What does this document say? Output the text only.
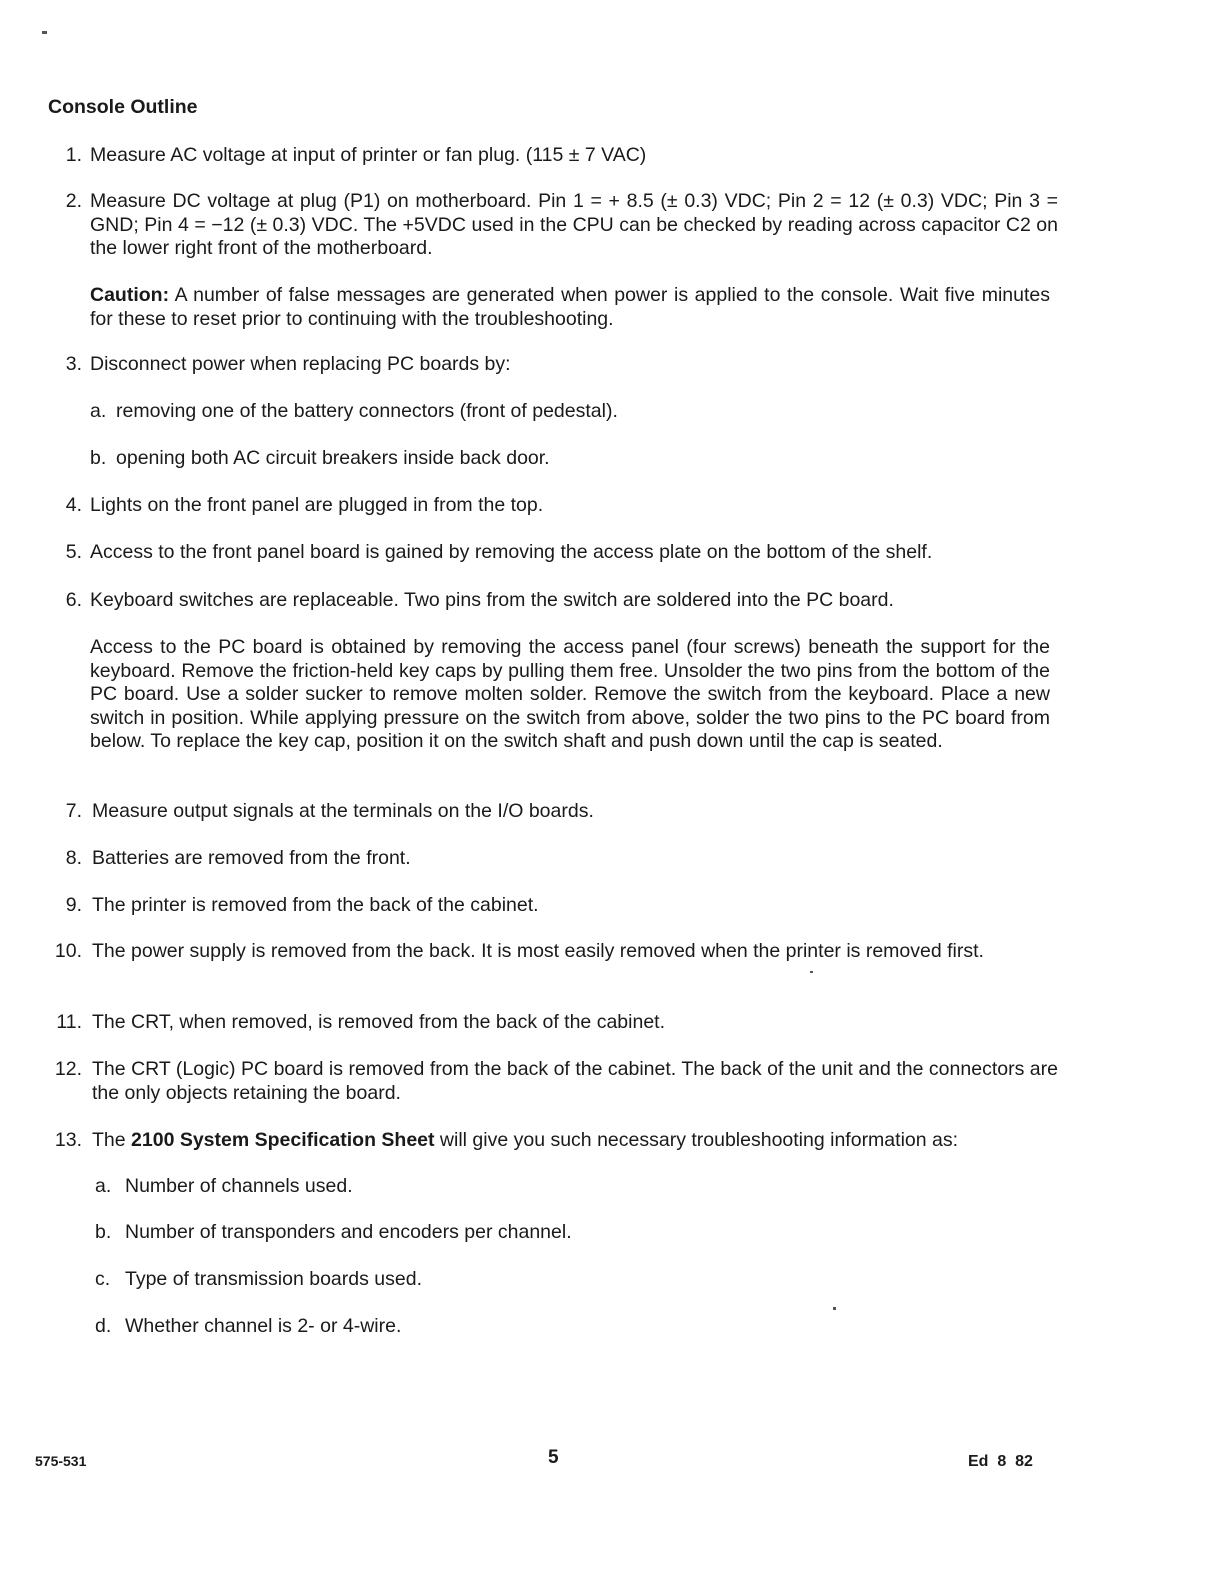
Console Outline
1. Measure AC voltage at input of printer or fan plug. (115 ± 7 VAC)
2. Measure DC voltage at plug (P1) on motherboard. Pin 1 = + 8.5 (± 0.3) VDC; Pin 2 = 12 (± 0.3) VDC; Pin 3 = GND; Pin 4 = −12 (± 0.3) VDC. The +5VDC used in the CPU can be checked by reading across capacitor C2 on the lower right front of the motherboard.
Caution: A number of false messages are generated when power is applied to the console. Wait five minutes for these to reset prior to continuing with the troubleshooting.
3. Disconnect power when replacing PC boards by:
a. removing one of the battery connectors (front of pedestal).
b. opening both AC circuit breakers inside back door.
4. Lights on the front panel are plugged in from the top.
5. Access to the front panel board is gained by removing the access plate on the bottom of the shelf.
6. Keyboard switches are replaceable. Two pins from the switch are soldered into the PC board.
Access to the PC board is obtained by removing the access panel (four screws) beneath the support for the keyboard. Remove the friction-held key caps by pulling them free. Unsolder the two pins from the bottom of the PC board. Use a solder sucker to remove molten solder. Remove the switch from the keyboard. Place a new switch in position. While applying pressure on the switch from above, solder the two pins to the PC board from below. To replace the key cap, position it on the switch shaft and push down until the cap is seated.
7. Measure output signals at the terminals on the I/O boards.
8. Batteries are removed from the front.
9. The printer is removed from the back of the cabinet.
10. The power supply is removed from the back. It is most easily removed when the printer is removed first.
11. The CRT, when removed, is removed from the back of the cabinet.
12. The CRT (Logic) PC board is removed from the back of the cabinet. The back of the unit and the connectors are the only objects retaining the board.
13. The 2100 System Specification Sheet will give you such necessary troubleshooting information as:
a. Number of channels used.
b. Number of transponders and encoders per channel.
c. Type of transmission boards used.
d. Whether channel is 2- or 4-wire.
575-531	5	Ed  8  82
